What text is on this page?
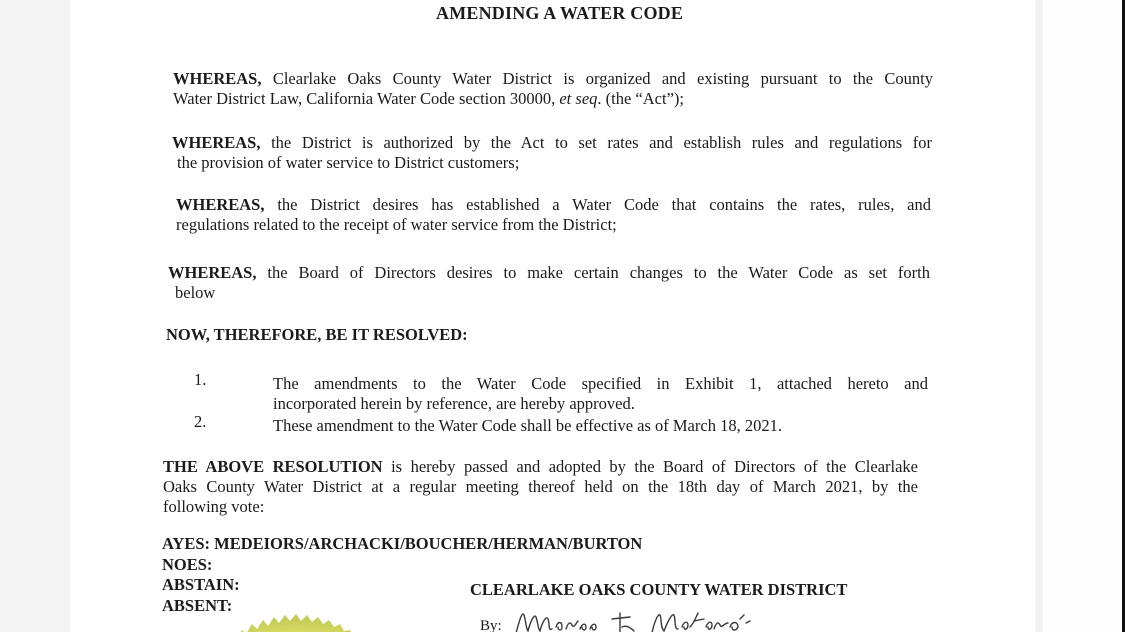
AMENDING A WATER CODE
WHEREAS, Clearlake Oaks County Water District is organized and existing pursuant to the County
Water District Law, California Water Code section 30000, et seq. (the “Act”);
WHEREAS, the District is authorized by the Act to set rates and establish rules and regulations for
the provision of water service to District customers;
WHEREAS, the District desires has established a Water Code that contains the rates, rules, and
regulations related to the receipt of water service from the District;
WHEREAS, the Board of Directors desires to make certain changes to the Water Code as set forth
below
NOW, THEREFORE, BE IT RESOLVED:
1.	The amendments to the Water Code specified in Exhibit 1, attached hereto and
incorporated herein by reference, are hereby approved.
2.	These amendment to the Water Code shall be effective as of March 18, 2021.
THE ABOVE RESOLUTION is hereby passed and adopted by the Board of Directors of the Clearlake
Oaks County Water District at a regular meeting thereof held on the 18th day of March 2021, by the
following vote:
AYES: MEDEIORS/ARCHACKI/BOUCHER/HERMAN/BURTON
NOES:
ABSTAIN:
ABSENT:
CLEARLAKE OAKS COUNTY WATER DISTRICT
By:
